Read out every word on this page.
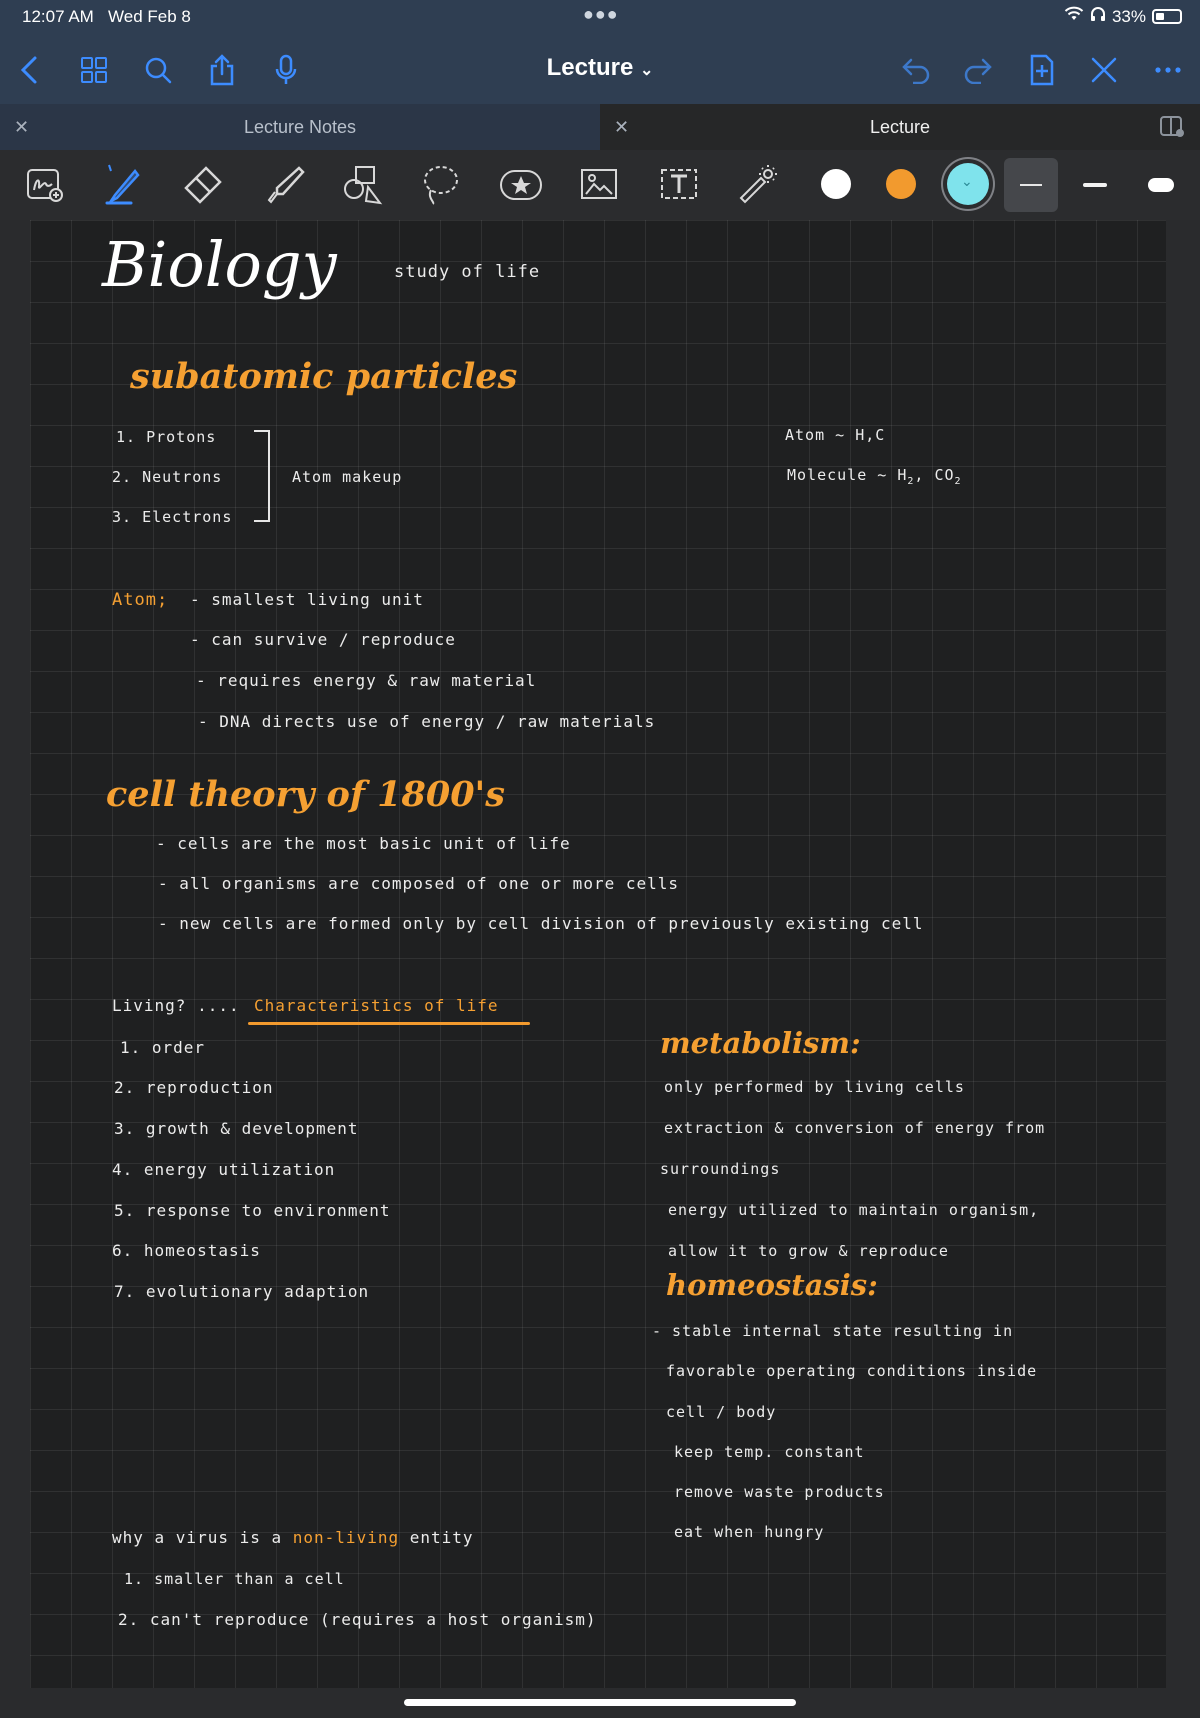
12:07 AM Wed Feb 8	●●●	33%
Lecture ⌄
✕	Lecture Notes	✕	Lecture
⌄
Biology	study of life
subatomic particles
1. Protons
2. Neutrons
3. Electrons
Atom makeup
Atom ~ H,C
Molecule ~ $H_2$, $CO_2$
Atom; - smallest living unit
- can survive / reproduce
- requires energy & raw material
- DNA directs use of energy / raw materials
cell theory of 1800's
- cells are the most basic unit of life
- all organisms are composed of one or more cells
- new cells are formed only by cell division of previously existing cell
Living? .... Characteristics of life
1. order
2. reproduction
3. growth & development
4. energy utilization
5. response to environment
6. homeostasis
7. evolutionary adaption
metabolism:
only performed by living cells
extraction & conversion of energy from
surroundings
energy utilized to maintain organism,
allow it to grow & reproduce
homeostasis:
- stable internal state resulting in
favorable operating conditions inside
cell / body
keep temp. constant
remove waste products
eat when hungry
why a virus is a non-living entity
1. smaller than a cell
2. can't reproduce (requires a host organism)
